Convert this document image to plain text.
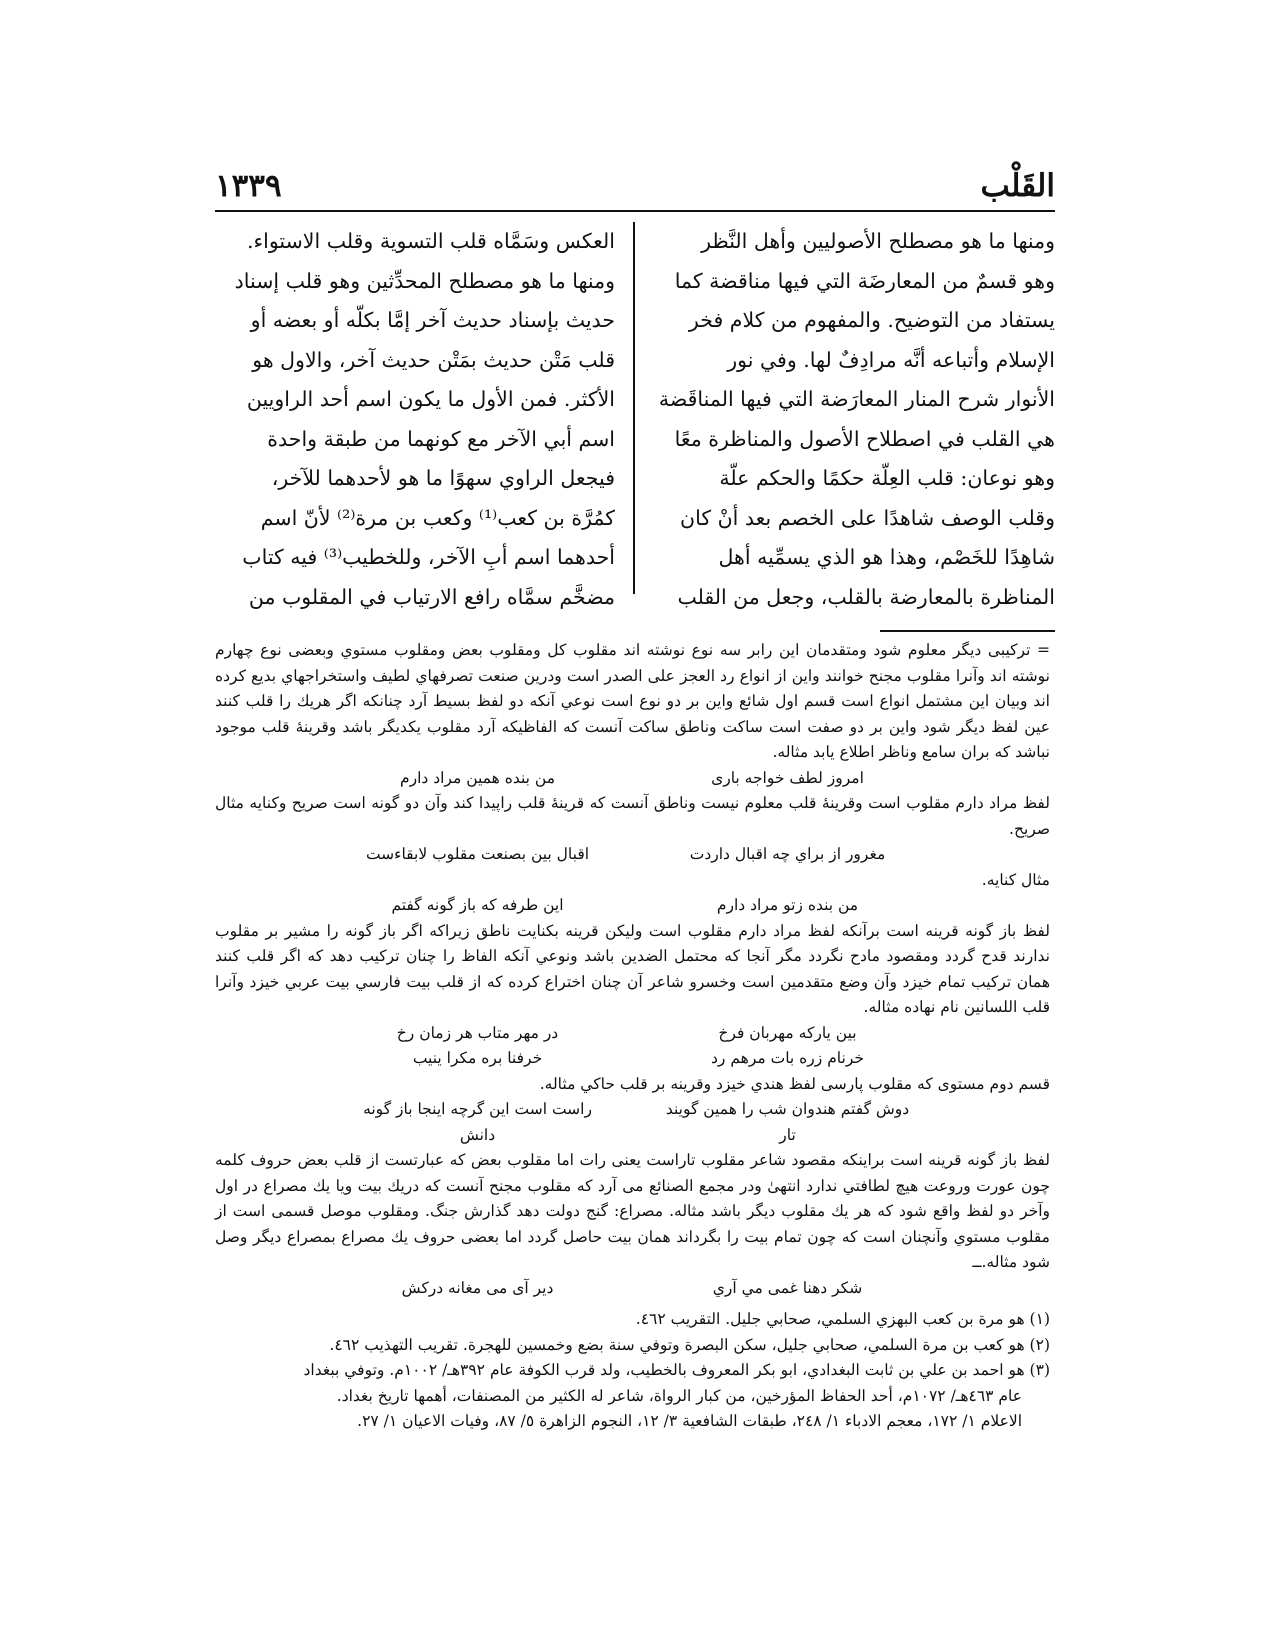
القَلْب
١٣٣٩
ومنها ما هو مصطلح الأصوليين وأهل النَّظر
وهو قسمٌ من المعارضَة التي فيها مناقضة كما
يستفاد من التوضيح. والمفهوم من كلام فخر
الإسلام وأتباعه أنَّه مرادِفٌ لها. وفي نور
الأنوار شرح المنار المعارَضة التي فيها المناقَضة
هي القلب في اصطلاح الأصول والمناظرة معًا
وهو نوعان: قلب العِلّة حكمًا والحكم علّة
وقلب الوصف شاهدًا على الخصم بعد أنْ كان
شاهِدًا للخَصْم، وهذا هو الذي يسمِّيه أهل
المناظرة بالمعارضة بالقلب، وجعل من القلب
العكس وسَمَّاه قلب التسوية وقلب الاستواء.
ومنها ما هو مصطلح المحدِّثين وهو قلب إسناد
حديث بإسناد حديث آخر إمَّا بكلّه أو بعضه أو
قلب مَتْن حديث بمَتْن حديث آخر، والاول هو
الأكثر. فمن الأول ما يكون اسم أحد الراويين
اسم أبي الآخر مع كونهما من طبقة واحدة
فيجعل الراوي سهوًا ما هو لأحدهما للآخر،
كمُرَّة بن كعب⁽¹⁾ وكعب بن مرة⁽²⁾ لأنّ اسم
أحدهما اسم أبِ الآخر، وللخطيب⁽³⁾ فيه كتاب
مضخَّم سمَّاه رافع الارتياب في المقلوب من

= تركيبی دیگر معلوم شود ومتقدمان این رابر سه نوع نوشته اند مقلوب کل ومقلوب بعض ومقلوب مستوي وبعضی نوع چهارم نوشته اند وآنرا مقلوب مجنح خوانند واین از انواع رد العجز علی الصدر است ودرین صنعت تصرفهاي لطیف واستخراجهاي بدیع کرده اند وبیان این مشتمل انواع است قسم اول شائع واین بر دو نوع است نوعي آنکه دو لفظ بسیط آرد چنانکه اگر هریك را قلب کنند عین لفظ دیگر شود واین بر دو صفت است ساکت وناطق ساکت آنست که الفاظیکه آرد مقلوب یکدیگر باشد وقرینهٔ قلب موجود نباشد که بران سامع وناظر اطلاع یابد مثاله.

امروز لطف خواجه باری
من بنده همین مراد دارم

لفظ مراد دارم مقلوب است وقرینهٔ قلب معلوم نیست وناطق آنست که قرینهٔ قلب راپیدا کند وآن دو گونه است صریح وکنایه مثال صریح.

مغرور از براي چه اقبال داردت
اقبال بین بصنعت مقلوب لابقاءست

مثال کنایه.

من بنده زتو مراد دارم
این طرفه که باز گونه گفتم

لفظ باز گونه قرینه است برآنکه لفظ مراد دارم مقلوب است ولیکن قرینه بکنایت ناطق زیراکه اگر باز گونه را مشیر بر مقلوب ندارند قدح گردد ومقصود مادح نگردد مگر آنجا که محتمل الضدین باشد ونوعي آنکه الفاظ را چنان ترکیب دهد که اگر قلب کنند همان ترکیب تمام خیزد وآن وضع متقدمین است وخسرو شاعر آن چنان اختراع کرده که از قلب بیت فارسي بیت عربي خیزد وآنرا قلب اللسانین نام نهاده مثاله.

بین یارکه مهربان فرخ
در مهر متاب هر زمان رخ
خرنام زره بات مرهم رد
خرفنا بره مکرا ینیب

قسم دوم مستوی که مقلوب پارسی لفظ هندي خیزد وقرینه بر قلب حاکي مثاله.

دوش گفتم هندوان شب را همین گویند تار
راست است این گرچه اینجا باز گونه دانش

لفظ باز گونه قرینه است براینکه مقصود شاعر مقلوب تاراست یعنی رات اما مقلوب بعض که عبارتست از قلب بعض حروف کلمه چون عورت وروعت هیچ لطافتي ندارد انتهیٰ ودر مجمع الصنائع می آرد که مقلوب مجنح آنست که دریك بیت ویا یك مصراع در اول وآخر دو لفظ واقع شود که هر یك مقلوب دیگر باشد مثاله. مصراع: گنج دولت دهد گذارش جنگ. ومقلوب موصل قسمی است از مقلوب مستوي وآنچنان است که چون تمام بیت را بگرداند همان بیت حاصل گردد اما بعضی حروف یك مصراع بمصراع دیگر وصل شود مثاله.ــ

شکر دهنا غمی مي آري
دیر آی می مغانه درکش
(١) هو مرة بن كعب البهزي السلمي، صحابي جليل. التقريب ٤٦٢.
(٢) هو كعب بن مرة السلمي، صحابي جليل، سكن البصرة وتوفي سنة بضع وخمسين للهجرة. تقريب التهذيب ٤٦٢.
(٣) هو احمد بن علي بن ثابت البغدادي، ابو بكر المعروف بالخطيب، ولد قرب الكوفة عام ٣٩٢هـ/ ١٠٠٢م. وتوفي ببغداد
عام ٤٦٣هـ/ ١٠٧٢م، أحد الحفاظ المؤرخين، من كبار الرواة، شاعر له الكثير من المصنفات، أهمها تاريخ بغداد.
الاعلام ١/ ١٧٢، معجم الادباء ١/ ٢٤٨، طبقات الشافعية ٣/ ١٢، النجوم الزاهرة ٥/ ٨٧، وفيات الاعيان ١/ ٢٧.
